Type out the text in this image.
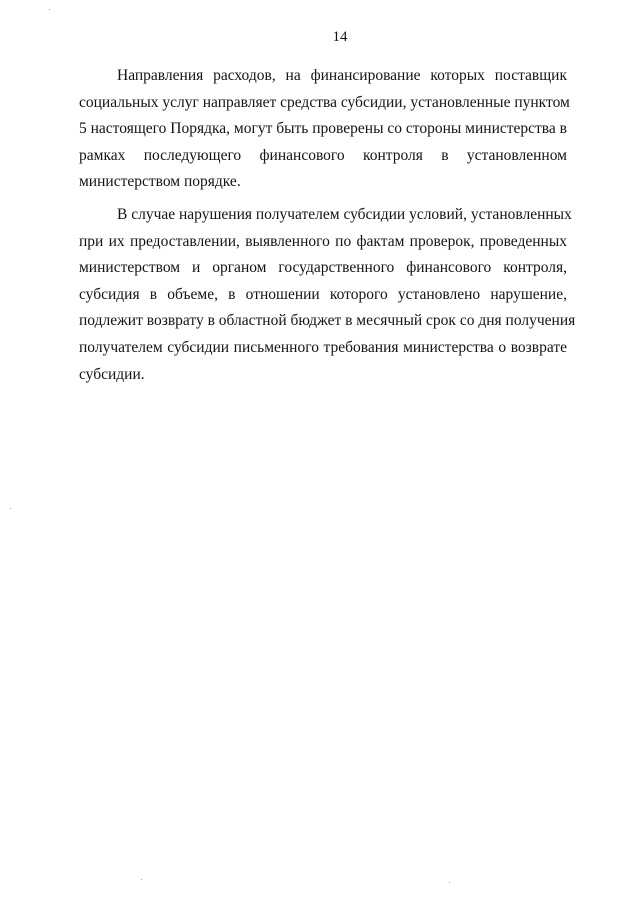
14
Направления расходов, на финансирование которых поставщик
социальных услуг направляет средства субсидии, установленные пунктом
5 настоящего Порядка, могут быть проверены со стороны министерства в
рамках последующего финансового контроля в установленном
министерством порядке.
В случае нарушения получателем субсидии условий, установленных
при их предоставлении, выявленного по фактам проверок, проведенных
министерством и органом государственного финансового контроля,
субсидия в объеме, в отношении которого установлено нарушение,
подлежит возврату в областной бюджет в месячный срок со дня получения
получателем субсидии письменного требования министерства о возврате
субсидии.
